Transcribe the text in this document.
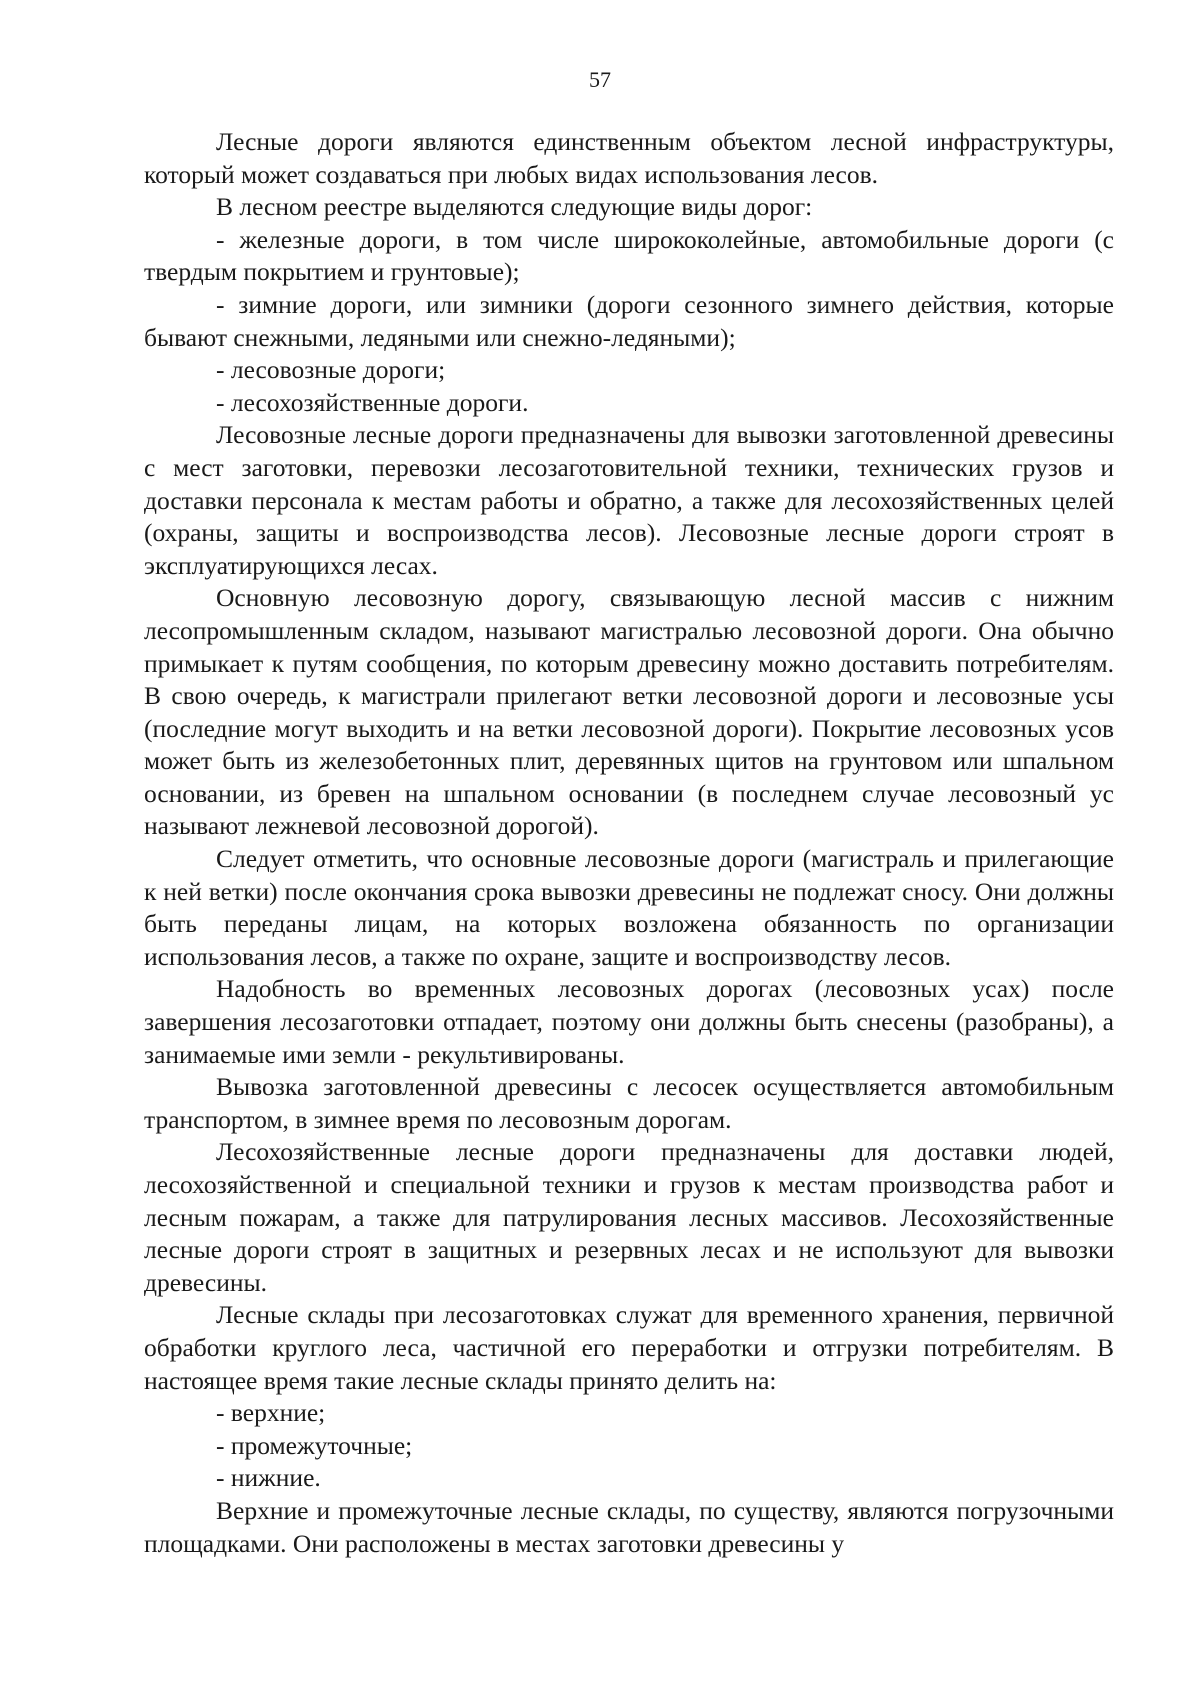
57

Лесные дороги являются единственным объектом лесной инфраструктуры, который может создаваться при любых видах использования лесов.

В лесном реестре выделяются следующие виды дорог:

- железные дороги, в том числе ширококолейные, автомобильные дороги (с твердым покрытием и грунтовые);

- зимние дороги, или зимники (дороги сезонного зимнего действия, которые бывают снежными, ледяными или снежно-ледяными);

- лесовозные дороги;

- лесохозяйственные дороги.

Лесовозные лесные дороги предназначены для вывозки заготовленной древесины с мест заготовки, перевозки лесозаготовительной техники, технических грузов и доставки персонала к местам работы и обратно, а также для лесохозяйственных целей (охраны, защиты и воспроизводства лесов). Лесовозные лесные дороги строят в эксплуатирующихся лесах.

Основную лесовозную дорогу, связывающую лесной массив с нижним лесопромышленным складом, называют магистралью лесовозной дороги. Она обычно примыкает к путям сообщения, по которым древесину можно доставить потребителям. В свою очередь, к магистрали прилегают ветки лесовозной дороги и лесовозные усы (последние могут выходить и на ветки лесовозной дороги). Покрытие лесовозных усов может быть из железобетонных плит, деревянных щитов на грунтовом или шпальном основании, из бревен на шпальном основании (в последнем случае лесовозный ус называют лежневой лесовозной дорогой).

Следует отметить, что основные лесовозные дороги (магистраль и прилегающие к ней ветки) после окончания срока вывозки древесины не подлежат сносу. Они должны быть переданы лицам, на которых возложена обязанность по организации использования лесов, а также по охране, защите и воспроизводству лесов.

Надобность во временных лесовозных дорогах (лесовозных усах) после завершения лесозаготовки отпадает, поэтому они должны быть снесены (разобраны), а занимаемые ими земли - рекультивированы.

Вывозка заготовленной древесины с лесосек осуществляется автомобильным транспортом, в зимнее время по лесовозным дорогам.

Лесохозяйственные лесные дороги предназначены для доставки людей, лесохозяйственной и специальной техники и грузов к местам производства работ и лесным пожарам, а также для патрулирования лесных массивов. Лесохозяйственные лесные дороги строят в защитных и резервных лесах и не используют для вывозки древесины.

Лесные склады при лесозаготовках служат для временного хранения, первичной обработки круглого леса, частичной его переработки и отгрузки потребителям. В настоящее время такие лесные склады принято делить на:

- верхние;

- промежуточные;

- нижние.

Верхние и промежуточные лесные склады, по существу, являются погрузочными площадками. Они расположены в местах заготовки древесины у
